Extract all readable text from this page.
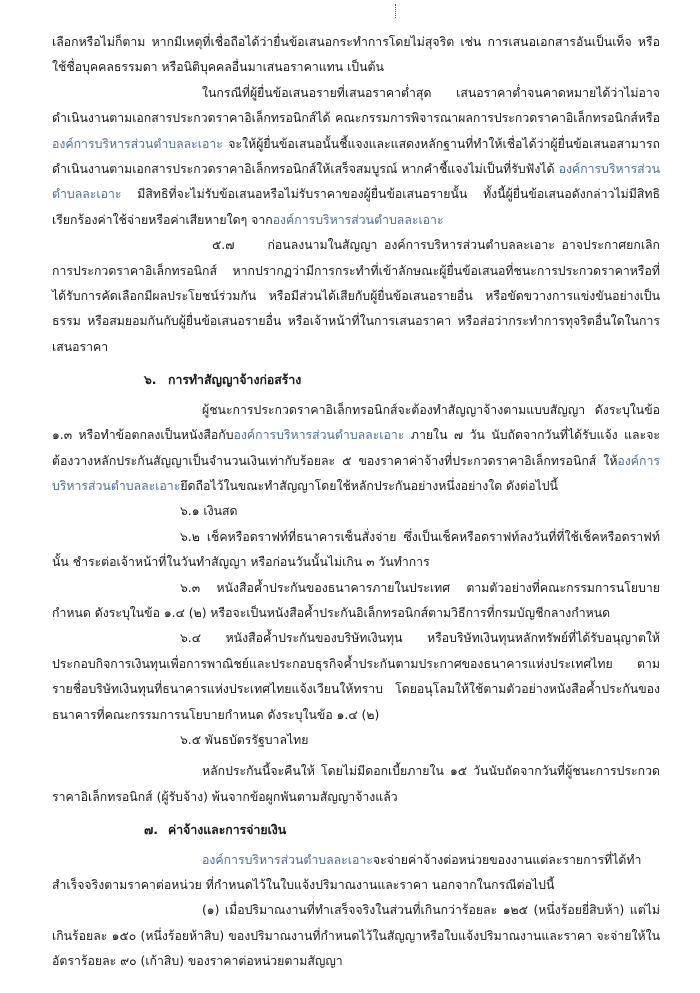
เลือกหรือไม่ก็ตาม หากมีเหตุที่เชื่อถือได้ว่ายื่นข้อเสนอกระทำการโดยไม่สุจริต เช่น การเสนอเอกสารอันเป็นเท็จ หรือใช้ชื่อบุคคลธรรมดา หรือนิติบุคคลอื่นมาเสนอราคาแทน เป็นต้น

ในกรณีที่ผู้ยื่นข้อเสนอรายที่เสนอราคาต่ำสุด เสนอราคาต่ำจนคาดหมายได้ว่าไม่อาจดำเนินงานตามเอกสารประกวดราคาอิเล็กทรอนิกส์ได้ คณะกรรมการพิจารณาผลการประกวดราคาอิเล็กทรอนิกส์หรือองค์การบริหารส่วนตำบลละเอาะ จะให้ผู้ยื่นข้อเสนอนั้นชี้แจงและแสดงหลักฐานที่ทำให้เชื่อได้ว่าผู้ยื่นข้อเสนอสามารถดำเนินงานตามเอกสารประกวดราคาอิเล็กทรอนิกส์ให้เสร็จสมบูรณ์ หากคำชี้แจงไม่เป็นที่รับฟังได้ องค์การบริหารส่วนตำบลละเอาะ มีสิทธิที่จะไม่รับข้อเสนอหรือไม่รับราคาของผู้ยื่นข้อเสนอรายนั้น ทั้งนี้ผู้ยื่นข้อเสนอดังกล่าวไม่มีสิทธิเรียกร้องค่าใช้จ่ายหรือค่าเสียหายใดๆ จากองค์การบริหารส่วนตำบลละเอาะ

๕.๗	ก่อนลงนามในสัญญา องค์การบริหารส่วนตำบลละเอาะ อาจประกาศยกเลิกการประกวดราคาอิเล็กทรอนิกส์ หากปรากฏว่ามีการกระทำที่เข้าลักษณะผู้ยื่นข้อเสนอที่ชนะการประกวดราคาหรือที่ได้รับการคัดเลือกมีผลประโยชน์ร่วมกัน หรือมีส่วนได้เสียกับผู้ยื่นข้อเสนอรายอื่น หรือขัดขวางการแข่งขันอย่างเป็นธรรม หรือสมยอมกันกับผู้ยื่นข้อเสนอรายอื่น หรือเจ้าหน้าที่ในการเสนอราคา หรือส่อว่ากระทำการทุจริตอื่นใดในการเสนอราคา

๖. การทำสัญญาจ้างก่อสร้าง

ผู้ชนะการประกวดราคาอิเล็กทรอนิกส์จะต้องทำสัญญาจ้างตามแบบสัญญา ดังระบุในข้อ ๑.๓ หรือทำข้อตกลงเป็นหนังสือกับองค์การบริหารส่วนตำบลละเอาะ ภายใน ๗ วัน นับถัดจากวันที่ได้รับแจ้ง และจะต้องวางหลักประกันสัญญาเป็นจำนวนเงินเท่ากับร้อยละ ๕ ของราคาค่าจ้างที่ประกวดราคาอิเล็กทรอนิกส์ ให้องค์การบริหารส่วนตำบลละเอาะยึดถือไว้ในขณะทำสัญญาโดยใช้หลักประกันอย่างหนึ่งอย่างใด ดังต่อไปนี้

๖.๑ เงินสด

๖.๒ เช็คหรือดราฟท์ที่ธนาคารเซ็นสั่งจ่าย ซึ่งเป็นเช็คหรือดราฟท์ลงวันที่ที่ใช้เช็คหรือดราฟท์นั้น ชำระต่อเจ้าหน้าที่ในวันทำสัญญา หรือก่อนวันนั้นไม่เกิน ๓ วันทำการ

๖.๓ หนังสือค้ำประกันของธนาคารภายในประเทศ ตามตัวอย่างที่คณะกรรมการนโยบายกำหนด ดังระบุในข้อ ๑.๔ (๒) หรือจะเป็นหนังสือค้ำประกันอิเล็กทรอนิกส์ตามวิธีการที่กรมบัญชีกลางกำหนด

๖.๔ หนังสือค้ำประกันของบริษัทเงินทุน หรือบริษัทเงินทุนหลักทรัพย์ที่ได้รับอนุญาตให้ประกอบกิจการเงินทุนเพื่อการพาณิชย์และประกอบธุรกิจค้ำประกันตามประกาศของธนาคารแห่งประเทศไทย ตามรายชื่อบริษัทเงินทุนที่ธนาคารแห่งประเทศไทยแจ้งเวียนให้ทราบ โดยอนุโลมให้ใช้ตามตัวอย่างหนังสือค้ำประกันของธนาคารที่คณะกรรมการนโยบายกำหนด ดังระบุในข้อ ๑.๔ (๒)

๖.๕ พันธบัตรรัฐบาลไทย

หลักประกันนี้จะคืนให้ โดยไม่มีดอกเบี้ยภายใน ๑๕ วันนับถัดจากวันที่ผู้ชนะการประกวดราคาอิเล็กทรอนิกส์ (ผู้รับจ้าง) พ้นจากข้อผูกพันตามสัญญาจ้างแล้ว

๗. ค่าจ้างและการจ่ายเงิน

องค์การบริหารส่วนตำบลละเอาะจะจ่ายค่าจ้างต่อหน่วยของงานแต่ละรายการที่ได้ทำสำเร็จจริงตามราคาต่อหน่วย ที่กำหนดไว้ในใบแจ้งปริมาณงานและราคา นอกจากในกรณีต่อไปนี้

(๑) เมื่อปริมาณงานที่ทำเสร็จจริงในส่วนที่เกินกว่าร้อยละ ๑๒๕ (หนึ่งร้อยยี่สิบห้า) แต่ไม่เกินร้อยละ ๑๕๐ (หนึ่งร้อยห้าสิบ) ของปริมาณงานที่กำหนดไว้ในสัญญาหรือใบแจ้งปริมาณงานและราคา จะจ่ายให้ในอัตราร้อยละ ๙๐ (เก้าสิบ) ของราคาต่อหน่วยตามสัญญา
